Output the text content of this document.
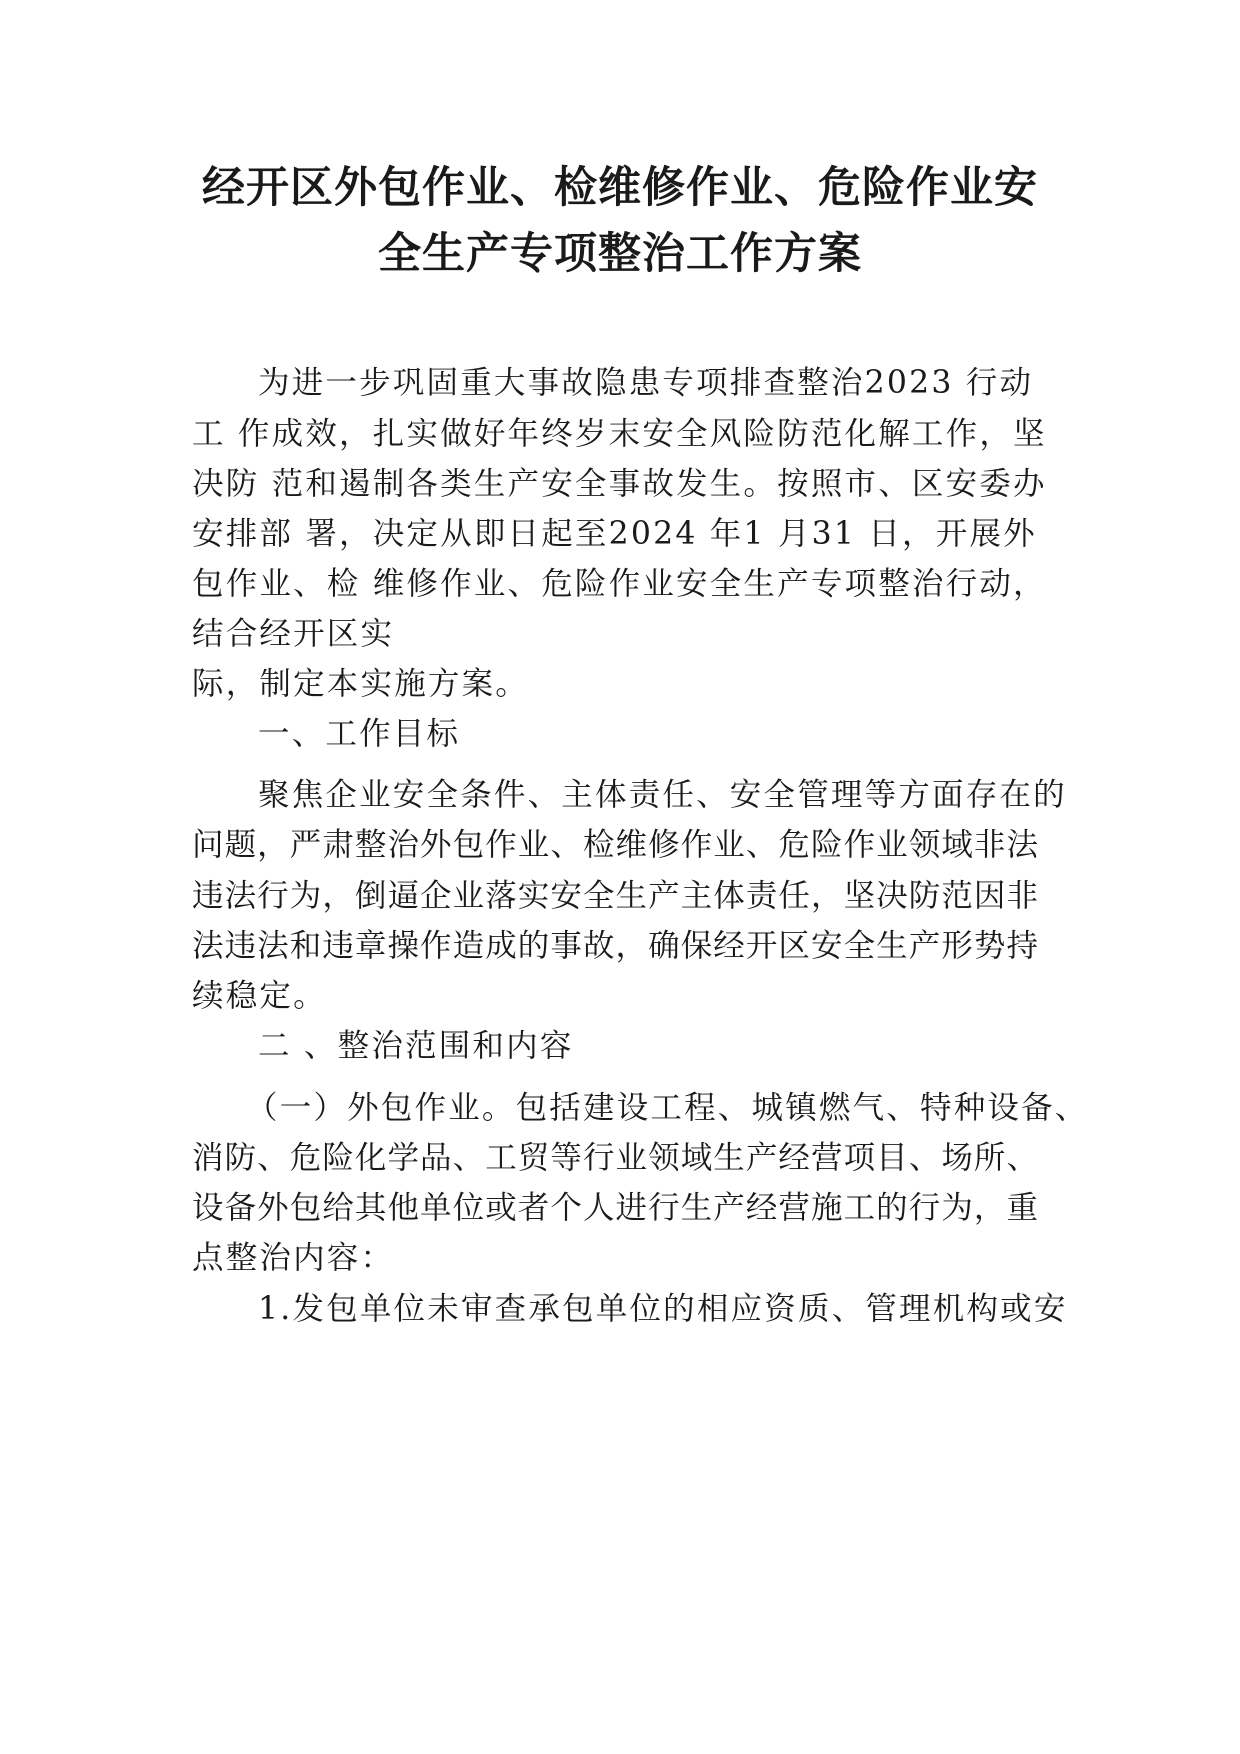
经开区外包作业、检维修作业、危险作业安
全生产专项整治工作方案
为进一步巩固重大事故隐患专项排查整治2023 行动
工 作成效，扎实做好年终岁末安全风险防范化解工作，坚
决防 范和遏制各类生产安全事故发生。按照市、区安委办
安排部 署，决定从即日起至2024 年1 月31 日，开展外
包作业、检 维修作业、危险作业安全生产专项整治行动，
结合经开区实
际，制定本实施方案。
一、工作目标
聚焦企业安全条件、主体责任、安全管理等方面存在的
问题，严肃整治外包作业、检维修作业、危险作业领域非法
违法行为，倒逼企业落实安全生产主体责任，坚决防范因非
法违法和违章操作造成的事故，确保经开区安全生产形势持
续稳定。
二 、整治范围和内容
（一）外包作业。包括建设工程、城镇燃气、特种设备、
消防、危险化学品、工贸等行业领域生产经营项目、场所、
设备外包给其他单位或者个人进行生产经营施工的行为，重
点整治内容：
1.发包单位未审查承包单位的相应资质、管理机构或安
